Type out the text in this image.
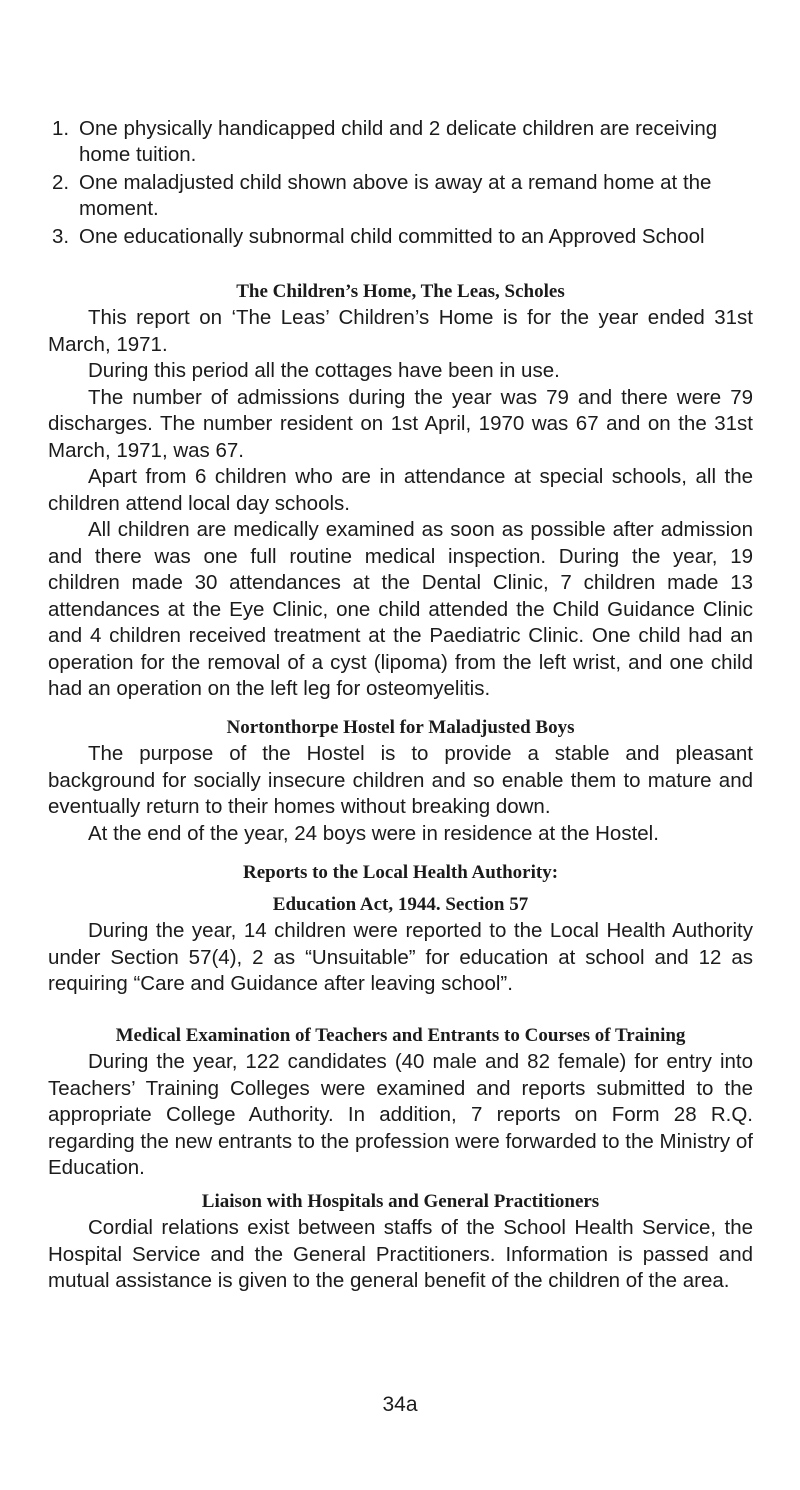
1. One physically handicapped child and 2 delicate children are receiving home tuition.
2. One maladjusted child shown above is away at a remand home at the moment.
3. One educationally subnormal child committed to an Approved School

The Children’s Home, The Leas, Scholes

This report on ‘The Leas’ Children’s Home is for the year ended 31st March, 1971.

During this period all the cottages have been in use.

The number of admissions during the year was 79 and there were 79 discharges. The number resident on 1st April, 1970 was 67 and on the 31st March, 1971, was 67.

Apart from 6 children who are in attendance at special schools, all the children attend local day schools.

All children are medically examined as soon as possible after admission and there was one full routine medical inspection. During the year, 19 children made 30 attendances at the Dental Clinic, 7 children made 13 attendances at the Eye Clinic, one child attended the Child Guidance Clinic and 4 children received treatment at the Paediatric Clinic. One child had an operation for the removal of a cyst (lipoma) from the left wrist, and one child had an operation on the left leg for osteomyelitis.

Nortonthorpe Hostel for Maladjusted Boys

The purpose of the Hostel is to provide a stable and pleasant background for socially insecure children and so enable them to mature and eventually return to their homes without breaking down.

At the end of the year, 24 boys were in residence at the Hostel.

Reports to the Local Health Authority:

Education Act, 1944. Section 57

During the year, 14 children were reported to the Local Health Authority under Section 57(4), 2 as “Unsuitable” for education at school and 12 as requiring “Care and Guidance after leaving school”.

Medical Examination of Teachers and Entrants to Courses of Training

During the year, 122 candidates (40 male and 82 female) for entry into Teachers’ Training Colleges were examined and reports submitted to the appropriate College Authority. In addition, 7 reports on Form 28 R.Q. regarding the new entrants to the profession were forwarded to the Ministry of Education.

Liaison with Hospitals and General Practitioners

Cordial relations exist between staffs of the School Health Service, the Hospital Service and the General Practitioners. Information is passed and mutual assistance is given to the general benefit of the children of the area.

34a
